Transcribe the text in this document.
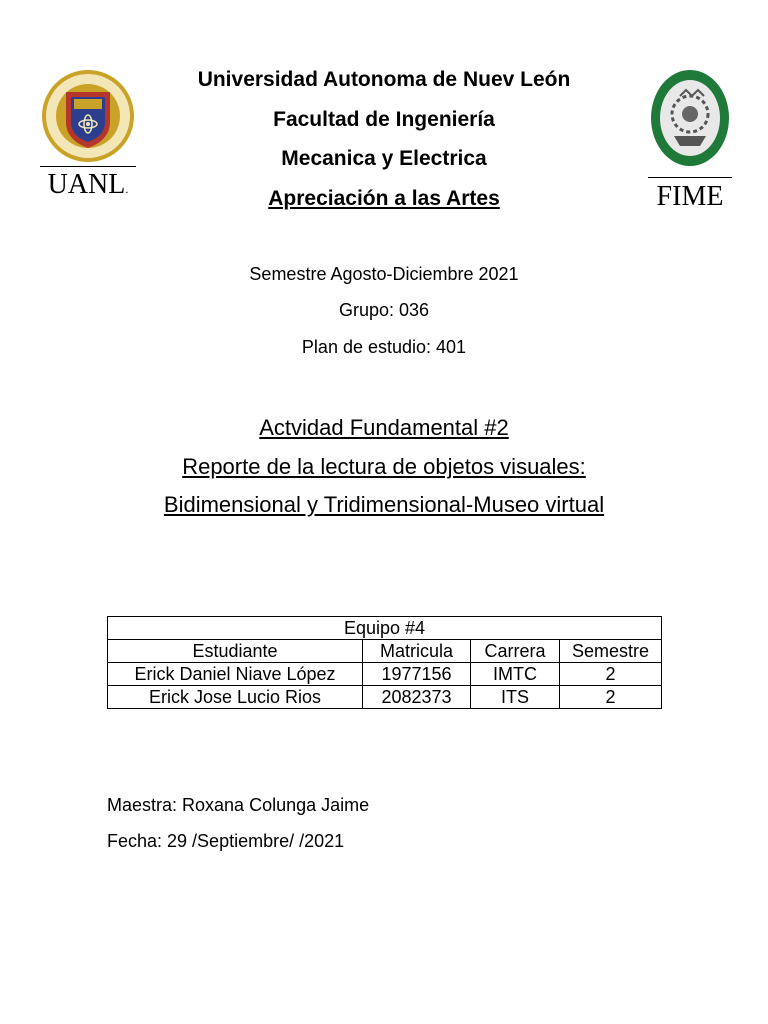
UANL.	FIME
Universidad Autonoma de Nuev León
Facultad de Ingeniería
Mecanica y Electrica
Apreciación a las Artes
Semestre Agosto-Diciembre 2021
Grupo: 036
Plan de estudio: 401
Actvidad Fundamental #2
Reporte de la lectura de objetos visuales:
Bidimensional y Tridimensional-Museo virtual
Equipo #4			
Estudiante	Matricula	Carrera	Semestre
Erick Daniel Niave López	1977156	IMTC	2
Erick Jose Lucio Rios	2082373	ITS	2
Maestra: Roxana Colunga Jaime
Fecha: 29 /Septiembre/ /2021
